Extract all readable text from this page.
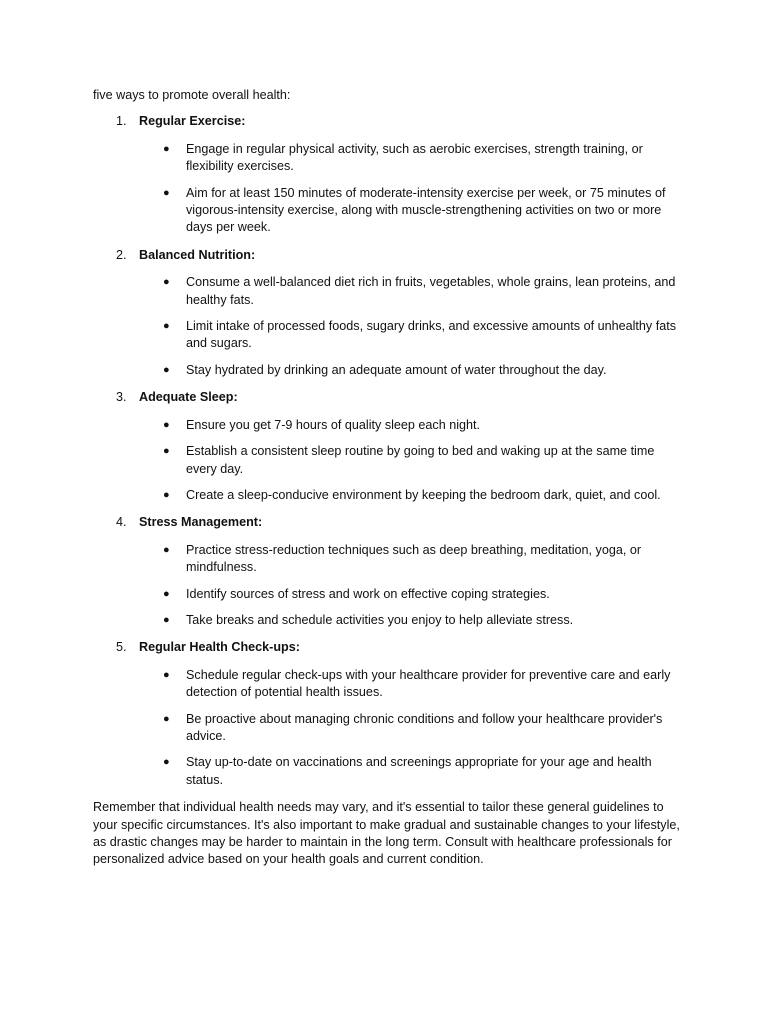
five ways to promote overall health:

1. Regular Exercise:
●	Engage in regular physical activity, such as aerobic exercises, strength training, or flexibility exercises.
●	Aim for at least 150 minutes of moderate-intensity exercise per week, or 75 minutes of vigorous-intensity exercise, along with muscle-strengthening activities on two or more days per week.
2. Balanced Nutrition:
●	Consume a well-balanced diet rich in fruits, vegetables, whole grains, lean proteins, and healthy fats.
●	Limit intake of processed foods, sugary drinks, and excessive amounts of unhealthy fats and sugars.
●	Stay hydrated by drinking an adequate amount of water throughout the day.
3. Adequate Sleep:
●	Ensure you get 7-9 hours of quality sleep each night.
●	Establish a consistent sleep routine by going to bed and waking up at the same time every day.
●	Create a sleep-conducive environment by keeping the bedroom dark, quiet, and cool.
4. Stress Management:
●	Practice stress-reduction techniques such as deep breathing, meditation, yoga, or mindfulness.
●	Identify sources of stress and work on effective coping strategies.
●	Take breaks and schedule activities you enjoy to help alleviate stress.
5. Regular Health Check-ups:
●	Schedule regular check-ups with your healthcare provider for preventive care and early detection of potential health issues.
●	Be proactive about managing chronic conditions and follow your healthcare provider's advice.
●	Stay up-to-date on vaccinations and screenings appropriate for your age and health status.

Remember that individual health needs may vary, and it's essential to tailor these general guidelines to your specific circumstances. It's also important to make gradual and sustainable changes to your lifestyle, as drastic changes may be harder to maintain in the long term. Consult with healthcare professionals for personalized advice based on your health goals and current condition.
